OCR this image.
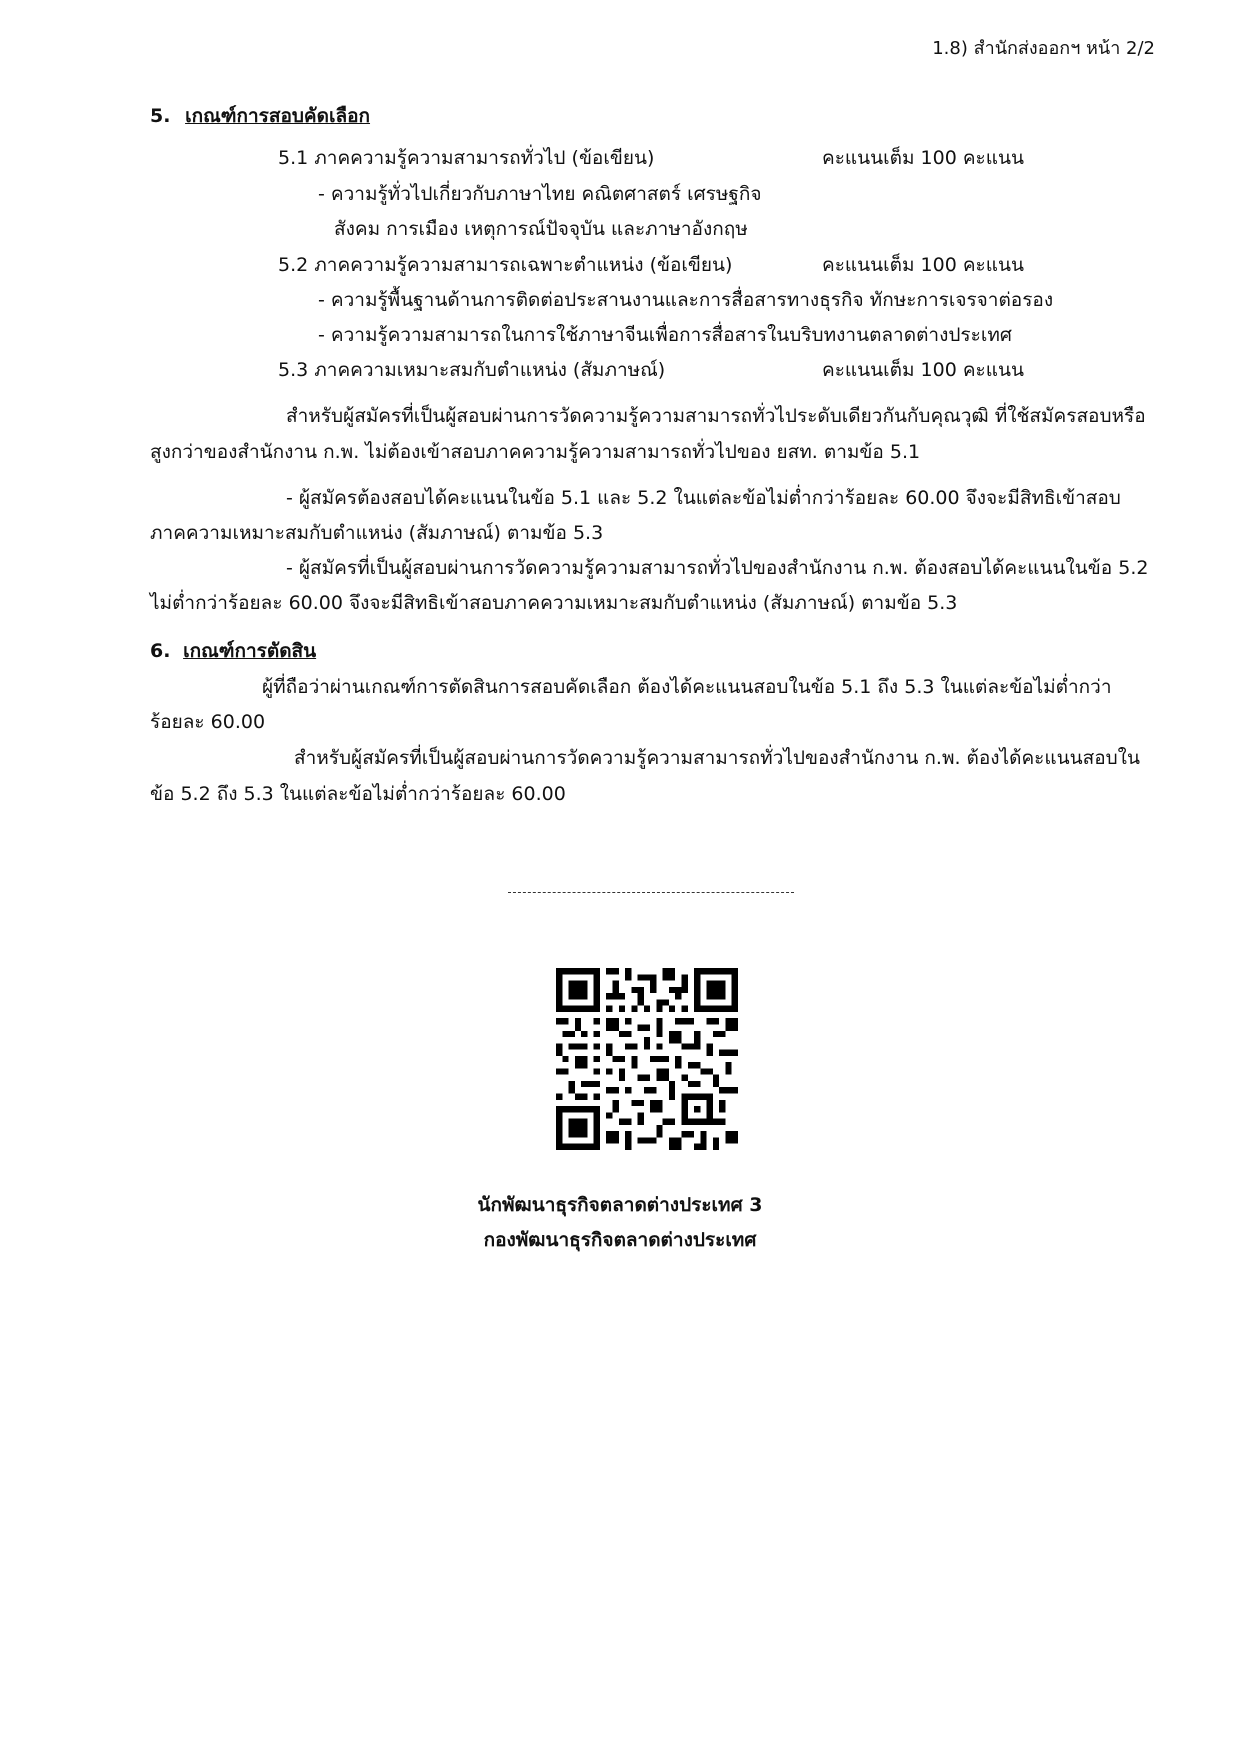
1.8) สำนักส่งออกฯ หน้า 2/2
5. เกณฑ์การสอบคัดเลือก
5.1 ภาคความรู้ความสามารถทั่วไป (ข้อเขียน)	คะแนนเต็ม 100 คะแนน
- ความรู้ทั่วไปเกี่ยวกับภาษาไทย คณิตศาสตร์ เศรษฐกิจ
สังคม การเมือง เหตุการณ์ปัจจุบัน และภาษาอังกฤษ
5.2 ภาคความรู้ความสามารถเฉพาะตำแหน่ง (ข้อเขียน)	คะแนนเต็ม 100 คะแนน
- ความรู้พื้นฐานด้านการติดต่อประสานงานและการสื่อสารทางธุรกิจ ทักษะการเจรจาต่อรอง
- ความรู้ความสามารถในการใช้ภาษาจีนเพื่อการสื่อสารในบริบทงานตลาดต่างประเทศ
5.3 ภาคความเหมาะสมกับตำแหน่ง (สัมภาษณ์)	คะแนนเต็ม 100 คะแนน
สำหรับผู้สมัครที่เป็นผู้สอบผ่านการวัดความรู้ความสามารถทั่วไประดับเดียวกันกับคุณวุฒิ ที่ใช้สมัครสอบหรือ
สูงกว่าของสำนักงาน ก.พ. ไม่ต้องเข้าสอบภาคความรู้ความสามารถทั่วไปของ ยสท. ตามข้อ 5.1
- ผู้สมัครต้องสอบได้คะแนนในข้อ 5.1 และ 5.2 ในแต่ละข้อไม่ต่ำกว่าร้อยละ 60.00 จึงจะมีสิทธิเข้าสอบ
ภาคความเหมาะสมกับตำแหน่ง (สัมภาษณ์) ตามข้อ 5.3
- ผู้สมัครที่เป็นผู้สอบผ่านการวัดความรู้ความสามารถทั่วไปของสำนักงาน ก.พ. ต้องสอบได้คะแนนในข้อ 5.2
ไม่ต่ำกว่าร้อยละ 60.00 จึงจะมีสิทธิเข้าสอบภาคความเหมาะสมกับตำแหน่ง (สัมภาษณ์) ตามข้อ 5.3
6. เกณฑ์การตัดสิน
ผู้ที่ถือว่าผ่านเกณฑ์การตัดสินการสอบคัดเลือก ต้องได้คะแนนสอบในข้อ 5.1 ถึง 5.3 ในแต่ละข้อไม่ต่ำกว่า
ร้อยละ 60.00
สำหรับผู้สมัครที่เป็นผู้สอบผ่านการวัดความรู้ความสามารถทั่วไปของสำนักงาน ก.พ. ต้องได้คะแนนสอบใน
ข้อ 5.2 ถึง 5.3 ในแต่ละข้อไม่ต่ำกว่าร้อยละ 60.00
นักพัฒนาธุรกิจตลาดต่างประเทศ 3
กองพัฒนาธุรกิจตลาดต่างประเทศ
